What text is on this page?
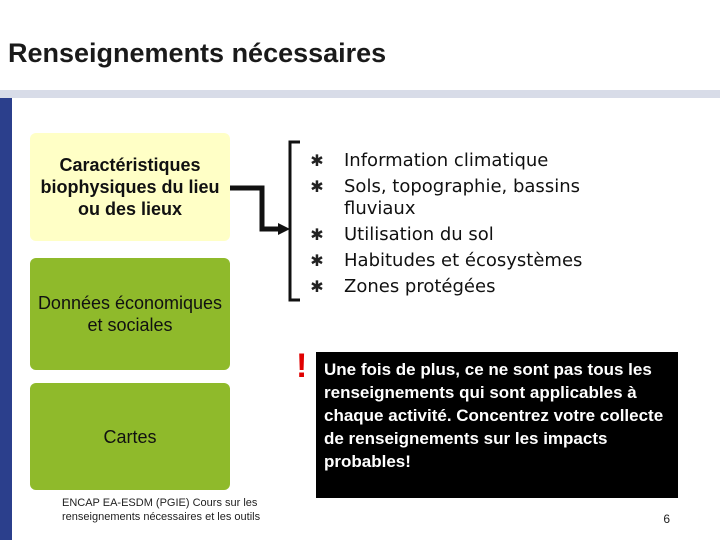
Renseignements nécessaires
Caractéristiques biophysiques du lieu ou des lieux
Données économiques et sociales
Cartes
✱ Information climatique
✱ Sols, topographie, bassins fluviaux
✱ Utilisation du sol
✱ Habitudes et écosystèmes
✱ Zones protégées
! Une fois de plus, ce ne sont pas tous les renseignements qui sont applicables à chaque activité. Concentrez votre collecte de renseignements sur les impacts probables!
ENCAP EA-ESDM (PGIE) Cours sur les renseignements nécessaires et les outils	6
